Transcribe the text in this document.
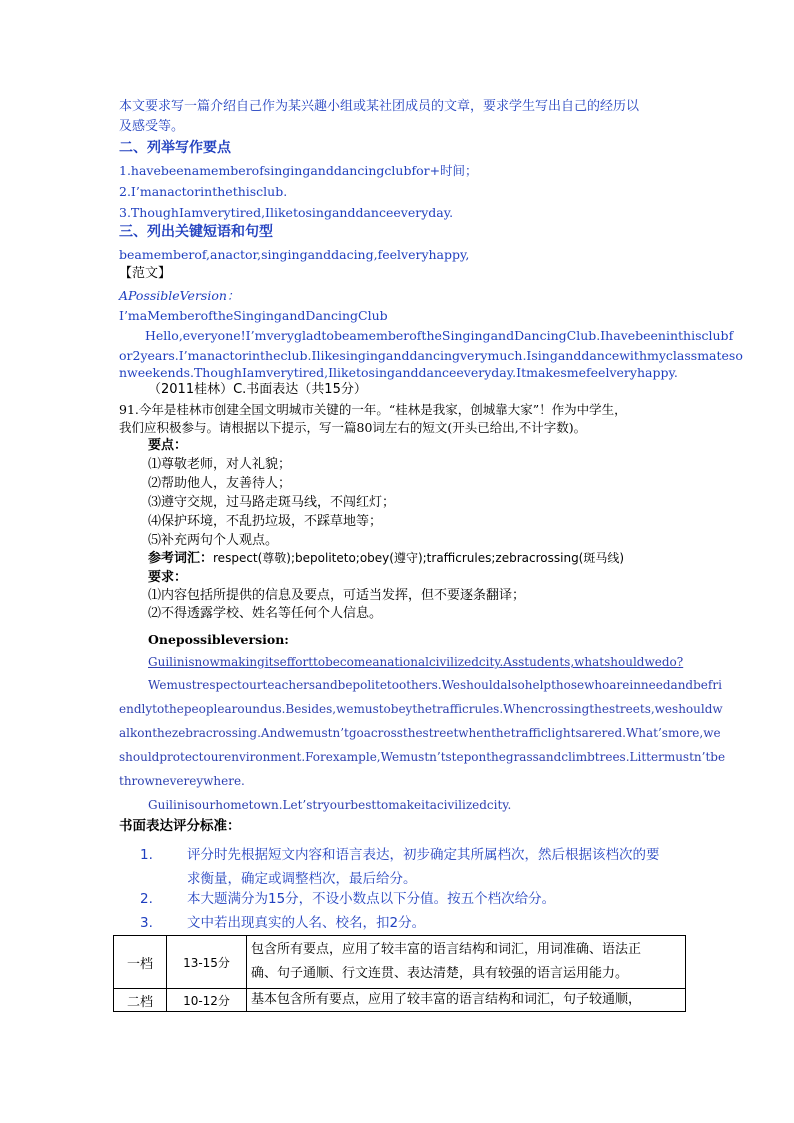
本文要求写一篇介绍自己作为某兴趣小组或某社团成员的文章，要求学生写出自己的经历以
及感受等。
二、列举写作要点
1.havebeenamemberofsinginganddancingclubfor+时间；
2.I’manactorinthethisclub.
3.ThoughIamverytired,Iliketosinganddanceeveryday.
三、列出关键短语和句型
beamemberof,anactor,singinganddacing,feelveryhappy,
【范文】
APossibleVersion：
I’maMemberoftheSingingandDancingClub
Hello,everyone!I’mverygladtobeamemberoftheSingingandDancingClub.Ihavebeeninthisclubf
or2years.I’manactorintheclub.Ilikesinginganddancingverymuch.Isinganddancewithmyclassmateso
nweekends.ThoughIamverytired,Iliketosinganddanceeveryday.Itmakesmefeelveryhappy.
（2011桂林）C.书面表达（共15分）
91.今年是桂林市创建全国文明城市关键的一年。“桂林是我家，创城靠大家”！作为中学生，
我们应积极参与。请根据以下提示，写一篇80词左右的短文(开头已给出,不计字数)。
要点：
⑴尊敬老师，对人礼貌；
⑵帮助他人，友善待人；
⑶遵守交规，过马路走斑马线，不闯红灯；
⑷保护环境，不乱扔垃圾，不踩草地等；
⑸补充两句个人观点。
参考词汇：respect(尊敬);bepoliteto;obey(遵守);trafficrules;zebracrossing(斑马线)
要求：
⑴内容包括所提供的信息及要点，可适当发挥，但不要逐条翻译；
⑵不得透露学校、姓名等任何个人信息。
Onepossibleversion:
Guilinisnowmakingitsefforttobecomeanationalcivilizedcity.Asstudents,whatshouldwedo?
Wemustrespectourteachersandbepolitetoothers.Weshouldalsohelpthosewhoareinneedandbefri
endlytothepeoplearoundus.Besides,wemustobeythetrafficrules.Whencrossingthestreets,weshouldw
alkonthezebracrossing.Andwemustn’tgoacrossthestreetwhenthetrafficlightsarered.What’smore,we
shouldprotectourenvironment.Forexample,Wemustn’tsteponthegrassandclimbtrees.Littermustn’tbe
thrownevereywhere.
Guilinisourhometown.Let’stryourbesttomakeitacivilizedcity.
书面表达评分标准：
1.	评分时先根据短文内容和语言表达，初步确定其所属档次，然后根据该档次的要
求衡量，确定或调整档次，最后给分。
2.	本大题满分为15分，不设小数点以下分值。按五个档次给分。
3.	文中若出现真实的人名、校名，扣2分。
一档	13-15分	包含所有要点，应用了较丰富的语言结构和词汇，用词准确、语法正
确、句子通顺、行文连贯、表达清楚，具有较强的语言运用能力。

二档	10-12分	基本包含所有要点，应用了较丰富的语言结构和词汇，句子较通顺，
